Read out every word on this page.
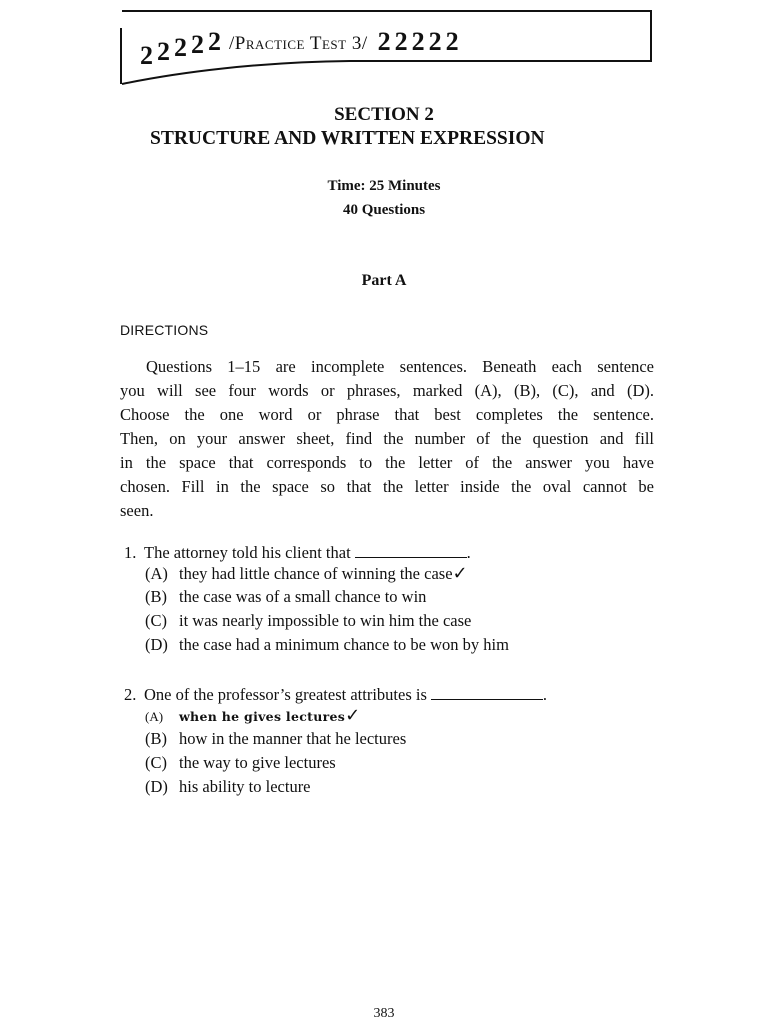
2 2 2 2 2 /Practice Test 3/ 2 2 2 2 2
SECTION 2
STRUCTURE AND WRITTEN EXPRESSION
Time: 25 Minutes
40 Questions
Part A
DIRECTIONS
Questions 1–15 are incomplete sentences. Beneath each sentence
you will see four words or phrases, marked (A), (B), (C), and (D).
Choose the one word or phrase that best completes the sentence.
Then, on your answer sheet, find the number of the question and fill
in the space that corresponds to the letter of the answer you have
chosen. Fill in the space so that the letter inside the oval cannot be
seen.
1. The attorney told his client that	.
(A) they had little chance of winning the case ✓
(B) the case was of a small chance to win
(C) it was nearly impossible to win him the case
(D) the case had a minimum chance to be won by him
2. One of the professor’s greatest attributes is	.
(A)	when he gives lectures ✓
(B) how in the manner that he lectures
(C) the way to give lectures
(D) his ability to lecture
383
